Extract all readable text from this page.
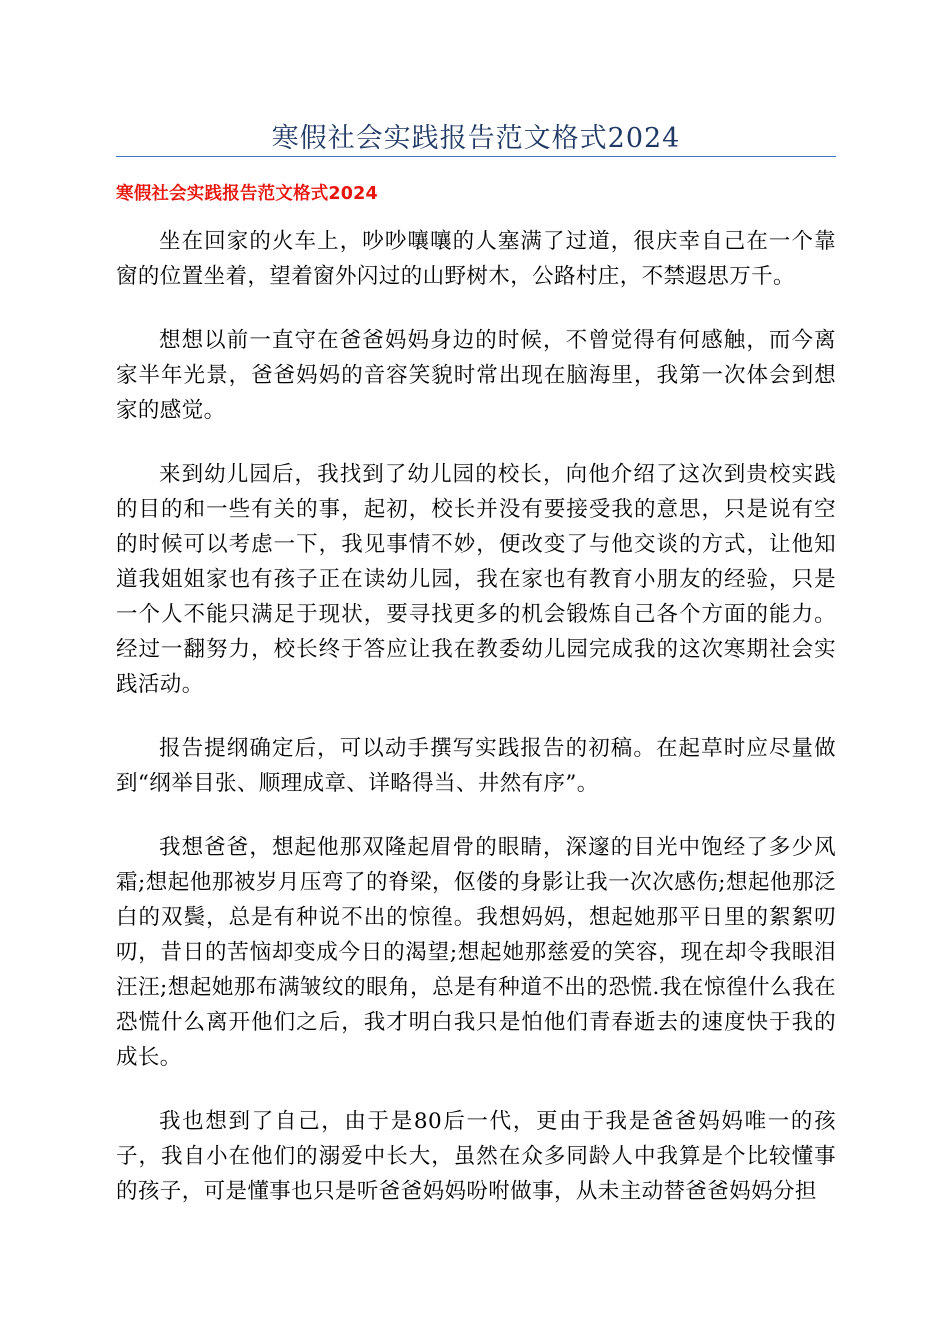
寒假社会实践报告范文格式2024
寒假社会实践报告范文格式2024

坐在回家的火车上，吵吵嚷嚷的人塞满了过道，很庆幸自己在一个靠窗的位置坐着，望着窗外闪过的山野树木，公路村庄，不禁遐思万千。

想想以前一直守在爸爸妈妈身边的时候，不曾觉得有何感触，而今离家半年光景，爸爸妈妈的音容笑貌时常出现在脑海里，我第一次体会到想家的感觉。

来到幼儿园后，我找到了幼儿园的校长，向他介绍了这次到贵校实践的目的和一些有关的事，起初，校长并没有要接受我的意思，只是说有空的时候可以考虑一下，我见事情不妙，便改变了与他交谈的方式，让他知道我姐姐家也有孩子正在读幼儿园，我在家也有教育小朋友的经验，只是一个人不能只满足于现状，要寻找更多的机会锻炼自己各个方面的能力。经过一翻努力，校长终于答应让我在教委幼儿园完成我的这次寒期社会实践活动。

报告提纲确定后，可以动手撰写实践报告的初稿。在起草时应尽量做到“纲举目张、顺理成章、详略得当、井然有序”。

我想爸爸，想起他那双隆起眉骨的眼睛，深邃的目光中饱经了多少风霜;想起他那被岁月压弯了的脊梁，伛偻的身影让我一次次感伤;想起他那泛白的双鬓，总是有种说不出的惊徨。我想妈妈，想起她那平日里的絮絮叨叨，昔日的苦恼却变成今日的渴望;想起她那慈爱的笑容，现在却令我眼泪汪汪;想起她那布满皱纹的眼角，总是有种道不出的恐慌.我在惊徨什么我在恐慌什么离开他们之后，我才明白我只是怕他们青春逝去的速度快于我的成长。

我也想到了自己，由于是80后一代，更由于我是爸爸妈妈唯一的孩子，我自小在他们的溺爱中长大，虽然在众多同龄人中我算是个比较懂事的孩子，可是懂事也只是听爸爸妈妈吩咐做事，从未主动替爸爸妈妈分担
